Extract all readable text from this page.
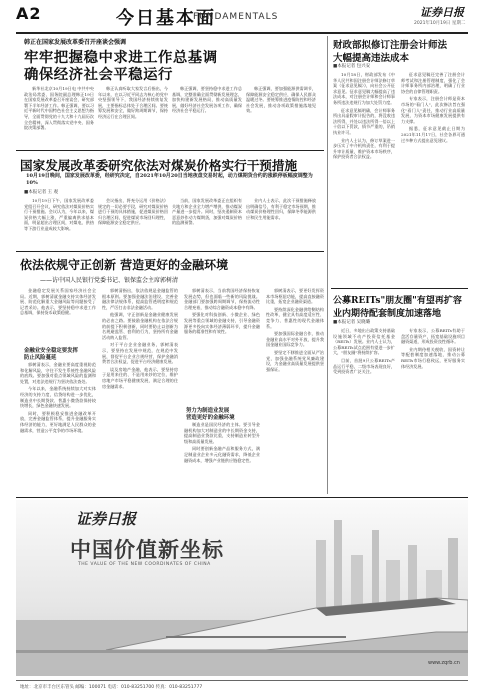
A2	今日基本面
FUNDAMENTALS	证券日报
2021年10月19日 星期二
韩正在国家发展改革委召开座谈会强调
牢牢把握稳中求进工作总基调
确保经济社会平稳运行

新华社北京10月19日电 中共中央政治局常委、国务院副总理韩正19日在国家发展改革委召开座谈会，研究部署下半年经济工作。韩正强调，要以习近平新时代中国特色社会主义思想为指导，全面贯彻党的十九大和十九届历次全会精神，深入贯彻落实党中央、国务院决策部署。

韩正认真听取大家发言后指出，今年以来，在以习近平同志为核心的党中央坚强领导下，我国经济持续恢复发展，主要指标总体处于合理区间。要统筹发展和安全，做好跨周期调节，保持经济运行在合理区间。

韩正强调，要坚持稳中求进工作总基调，完整准确全面贯彻新发展理念，加快构建新发展格局，推动高质量发展，做好经济社会发展各项工作，确保经济社会平稳运行。

韩正强调，要加强能源供需调节，保障能源安全稳定供应，确保人民群众温暖过冬。要统筹推进疫情防控和经济社会发展，推动各项政策措施落地见效。

国家发展改革委研究依法对煤炭价格实行干预措施
10月19日晚间，国家发展改革委，经研究决定，自2021年10月20日当地夜盘交易时起，动力煤期货合约的涨跌停板幅度调整为10%
■本报记者 王 观

10月19日下午，国家发展改革委党组召开会议，研究依法对煤炭价格实行干预措施。会议认为，今年以来，煤炭价格大幅上涨，严重偏离供求基本面，明显超出合理区间，对煤电、供热等下游行业造成较大影响。

会议指出，将充分运用《价格法》规定的一切必要手段，研究对煤炭价格进行干预的具体措施，促进煤炭价格回归合理区间，促进煤炭市场回归理性，保障能源安全稳定供应。

当前，国家发展改革委正在组织有关地方和企业全力增产增供，推动煤炭产量进一步提升。同时，坚决遏制资本恶意炒作动力煤期货，加强对煤炭价格的监测预警。

业内人士表示，此次干预措施释放出明确信号，有利于稳定市场预期，推动煤炭价格理性回归，保障冬季能源供应和民生用能需求。

依法依规守正创新 营造更好的金融环境
——访中国人民银行党委书记、银保监会主席郭树清

金融稳定发展关系国家经济社会全局。近期，郭树清就金融支持实体经济发展、防范化解重大金融风险等问题接受了记者采访。他表示，要坚持稳中求进工作总基调，保持货币政策稳健。

金融业安全稳定要发挥
防止风险蔓延

郭树清表示，金融业要高度重视防范和化解风险，守住不发生系统性金融风险的底线。要加强对重点领域风险的监测和处置，对违法违规行为坚决依法查处。

今年以来，金融系统持续加大对实体经济的支持力度，信贷结构进一步优化，制造业中长期贷款、普惠小微贷款保持较快增长，绿色金融快速发展。

同时，要积极稳妥推进金融改革开放，完善金融监管体系，提升金融服务实体经济的能力，更好地满足人民群众的金融需求，营造公平竞争的市场环境。

郭树清指出，依法依规是金融监管的根本原则。要加强金融法治建设，完善金融法律法规体系，提高监管透明度和规范性，严厉打击非法金融活动。

他强调，守正创新是金融业健康发展的必由之路。要鼓励金融机构在依法合规的前提下积极创新，同时要防止以创新为名规避监管、套利的行为，坚持所有金融活动纳入监管。

对于平台企业金融业务，郭树清表示，要坚持在发展中规范，在规范中发展，督促平台企业合规经营，保护金融消费者合法权益，促进平台经济健康发展。

谈及房地产金融，他表示，要坚持房子是用来住的、不是用来炒的定位，维护房地产市场平稳健康发展，满足合理的住房金融需求。

郭树清表示，当前我国经济保持恢复发展态势，但也面临一些新的风险挑战。金融部门要加强跨周期调节，保持流动性合理充裕，推动综合融资成本稳中有降。

要强化对科技创新、小微企业、绿色发展等重点领域的金融支持，引导金融资源更多投向实体经济薄弱环节，提升金融服务的精准性和有效性。

努力为制造业发展
营造更好的金融环境

制造业是国民经济的主体。要引导金融机构加大对制造业的中长期资金支持，提高制造业贷款比重，支持制造业转型升级和高质量发展。

同时要创新金融产品和服务方式，满足制造业企业多元化融资需求，降低企业融资成本，增强产业链供应链稳定性。

郭树清表示，要更好发挥资本市场枢纽功能，提高直接融资比重，拓宽企业融资渠道。

要持续深化金融供给侧结构性改革，健全具有高度适应性、竞争力、普惠性的现代金融体系。

要加强国际金融合作，推动金融业高水平对外开放，提升我国金融业国际竞争力。

要坚定不移推进全面从严治党，加强金融系统党风廉政建设，为金融业高质量发展提供坚强保证。

财政部拟修订注册会计师法
大幅提高违法成本
■本报记者 包兴安

10月18日，财政部发布《中华人民共和国注册会计师法修订草案（征求意见稿）》，向社会公开征求意见。征求意见稿大幅提高了违法成本，对注册会计师和会计师事务所违法违规行为加大处罚力度。

征求意见稿明确，会计师事务所出具虚假审计报告的，将没收违法所得，并处以违法所得一倍以上十倍以下罚款，情节严重的，吊销执业许可。

业内人士认为，修订草案进一步压实了中介机构责任，有利于提升审计质量，维护资本市场秩序，保护投资者合法权益。

征求意见稿还完善了注册会计师考试和注册管理制度，强化了会计师事务所内部治理，明确了行业协会的自律管理职责。

专家表示，注册会计师是资本市场的"看门人"，此次修法旨在强化"看门人"责任，推动行业高质量发展，为资本市场健康发展提供有力支撑。

据悉，征求意见截止日期为2021年11月17日，社会各界可通过多种方式提出意见建议。

公募REITs"朋友圈"有望再扩容
业内期待配套制度加速落地
■本报记者 吴晓璐

近日，多地出台政策支持基础设施领域不动产投资信托基金（REITs）发展。业内人士认为，公募REITs试点范围有望进一步扩大，"朋友圈"将持续扩容。

目前，首批9只公募REITs产品运行平稳，二级市场表现良好，受到投资者广泛关注。

专家表示，公募REITs有助于盘活存量资产，拓宽基础设施项目融资渠道，形成投资良性循环。

业内期待相关税收、国资转让等配套制度加速落地，推动公募REITs市场行稳致远，更好服务实体经济发展。

证券日报
中国价值新坐标
THE VALUE OF THE NEW COORDINATES OF CHINA
www.zqrb.cn
地址：北京市丰台区东管头 邮编：100071 电话：010-83251700 传真：010-83251777
